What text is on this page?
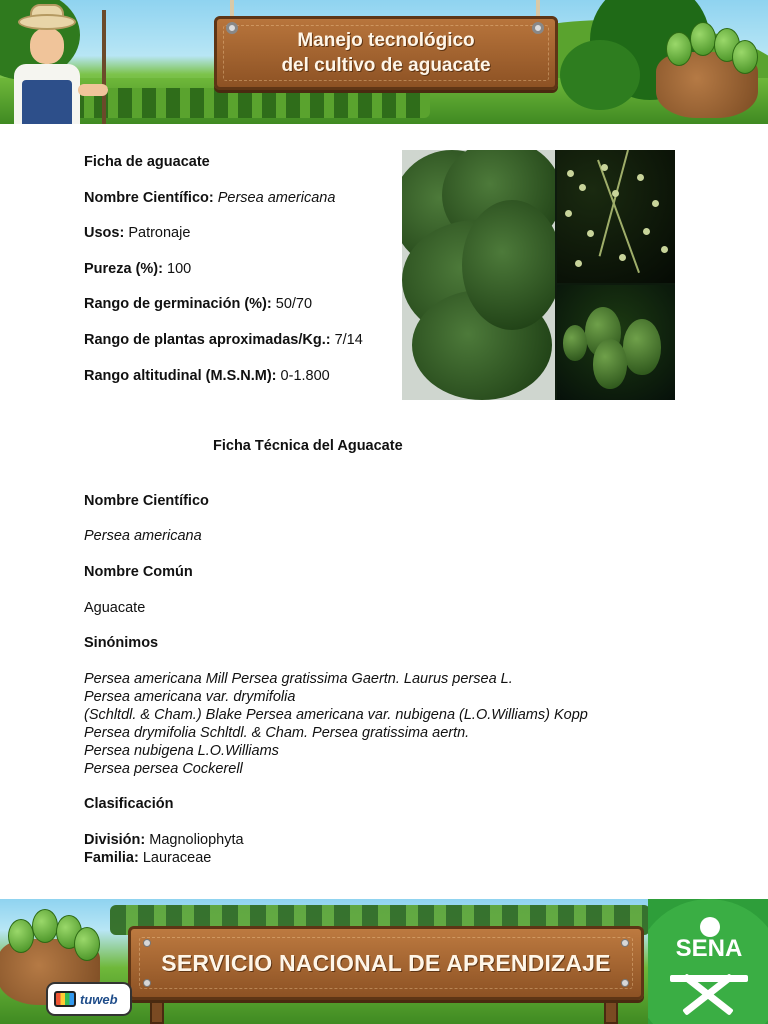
Manejo tecnológico
del cultivo de aguacate
Ficha de aguacate
Nombre Científico: Persea americana
Usos: Patronaje
Pureza (%): 100
Rango de germinación (%): 50/70
Rango de plantas aproximadas/Kg.: 7/14
Rango altitudinal (M.S.N.M): 0-1.800
Ficha Técnica del Aguacate
Nombre Científico
Persea americana
Nombre Común
Aguacate
Sinónimos
Persea americana Mill Persea gratissima Gaertn. Laurus persea L.
Persea americana var. drymifolia
(Schltdl. & Cham.) Blake Persea americana var. nubigena (L.O.Williams) Kopp
Persea drymifolia Schltdl. & Cham. Persea gratissima aertn.
Persea nubigena L.O.Williams
Persea persea Cockerell
Clasificación
División: Magnoliophyta
Familia: Lauraceae
SERVICIO NACIONAL DE APRENDIZAJE
tuweb
SENA
